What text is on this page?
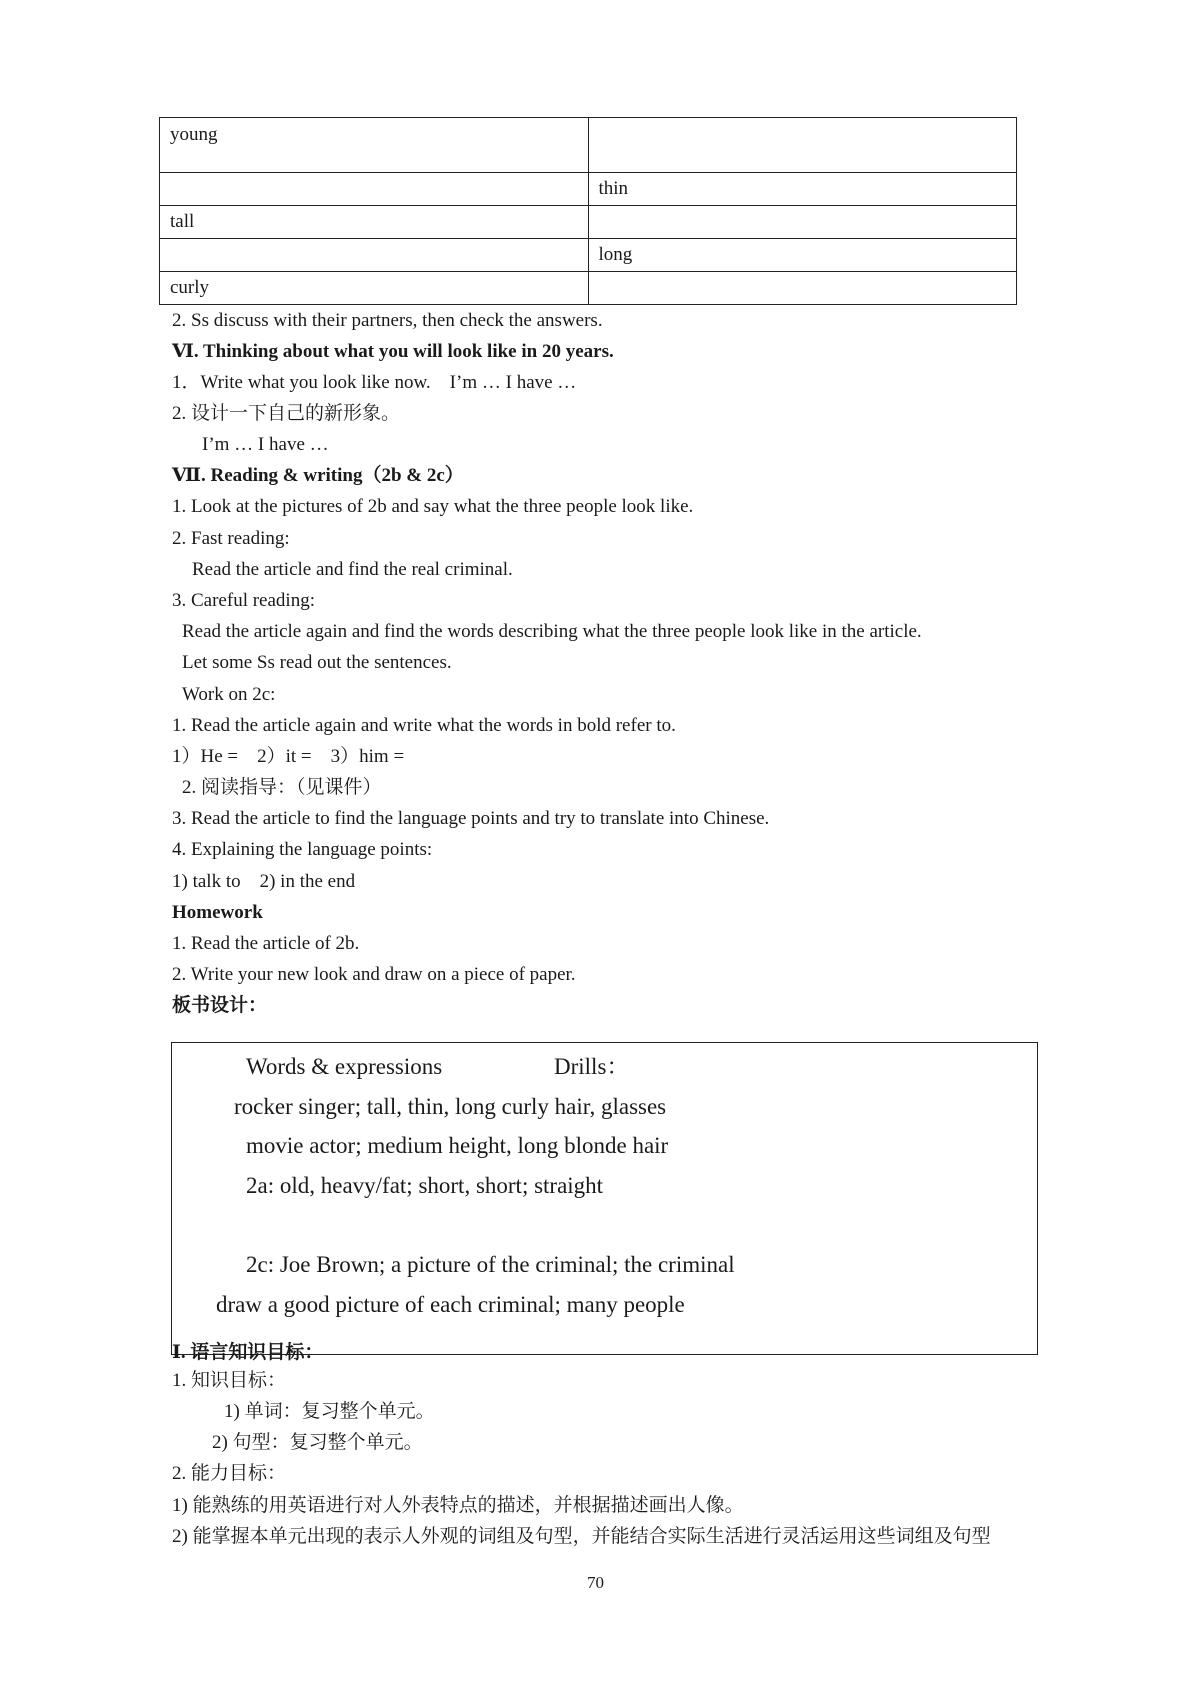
young	
	thin
tall	
	long
curly	
2. Ss discuss with their partners, then check the answers.
Ⅵ. Thinking about what you will look like in 20 years.
1．Write what you look like now.    I’m … I have …
2. 设计一下自己的新形象。
I’m … I have …
Ⅶ. Reading & writing（2b & 2c）
1. Look at the pictures of 2b and say what the three people look like.
2. Fast reading:
Read the article and find the real criminal.
3. Careful reading:
Read the article again and find the words describing what the three people look like in the article.
Let some Ss read out the sentences.
Work on 2c:
1. Read the article again and write what the words in bold refer to.
1）He =    2）it =    3）him =
2. 阅读指导：（见课件）
3. Read the article to find the language points and try to translate into Chinese.
4. Explaining the language points:
1) talk to    2) in the end
Homework
1. Read the article of 2b.
2. Write your new look and draw on a piece of paper.
板书设计：
Words & expressions	Drills：
rocker singer; tall, thin, long curly hair, glasses
movie actor; medium height, long blonde hair
2a: old, heavy/fat; short, short; straight
2c: Joe Brown; a picture of the criminal; the criminal
draw a good picture of each criminal; many people
Ⅰ. 语言知识目标：
1. 知识目标：
1) 单词：复习整个单元。
2) 句型：复习整个单元。
2. 能力目标：
1) 能熟练的用英语进行对人外表特点的描述，并根据描述画出人像。
2) 能掌握本单元出现的表示人外观的词组及句型，并能结合实际生活进行灵活运用这些词组及句型
70
